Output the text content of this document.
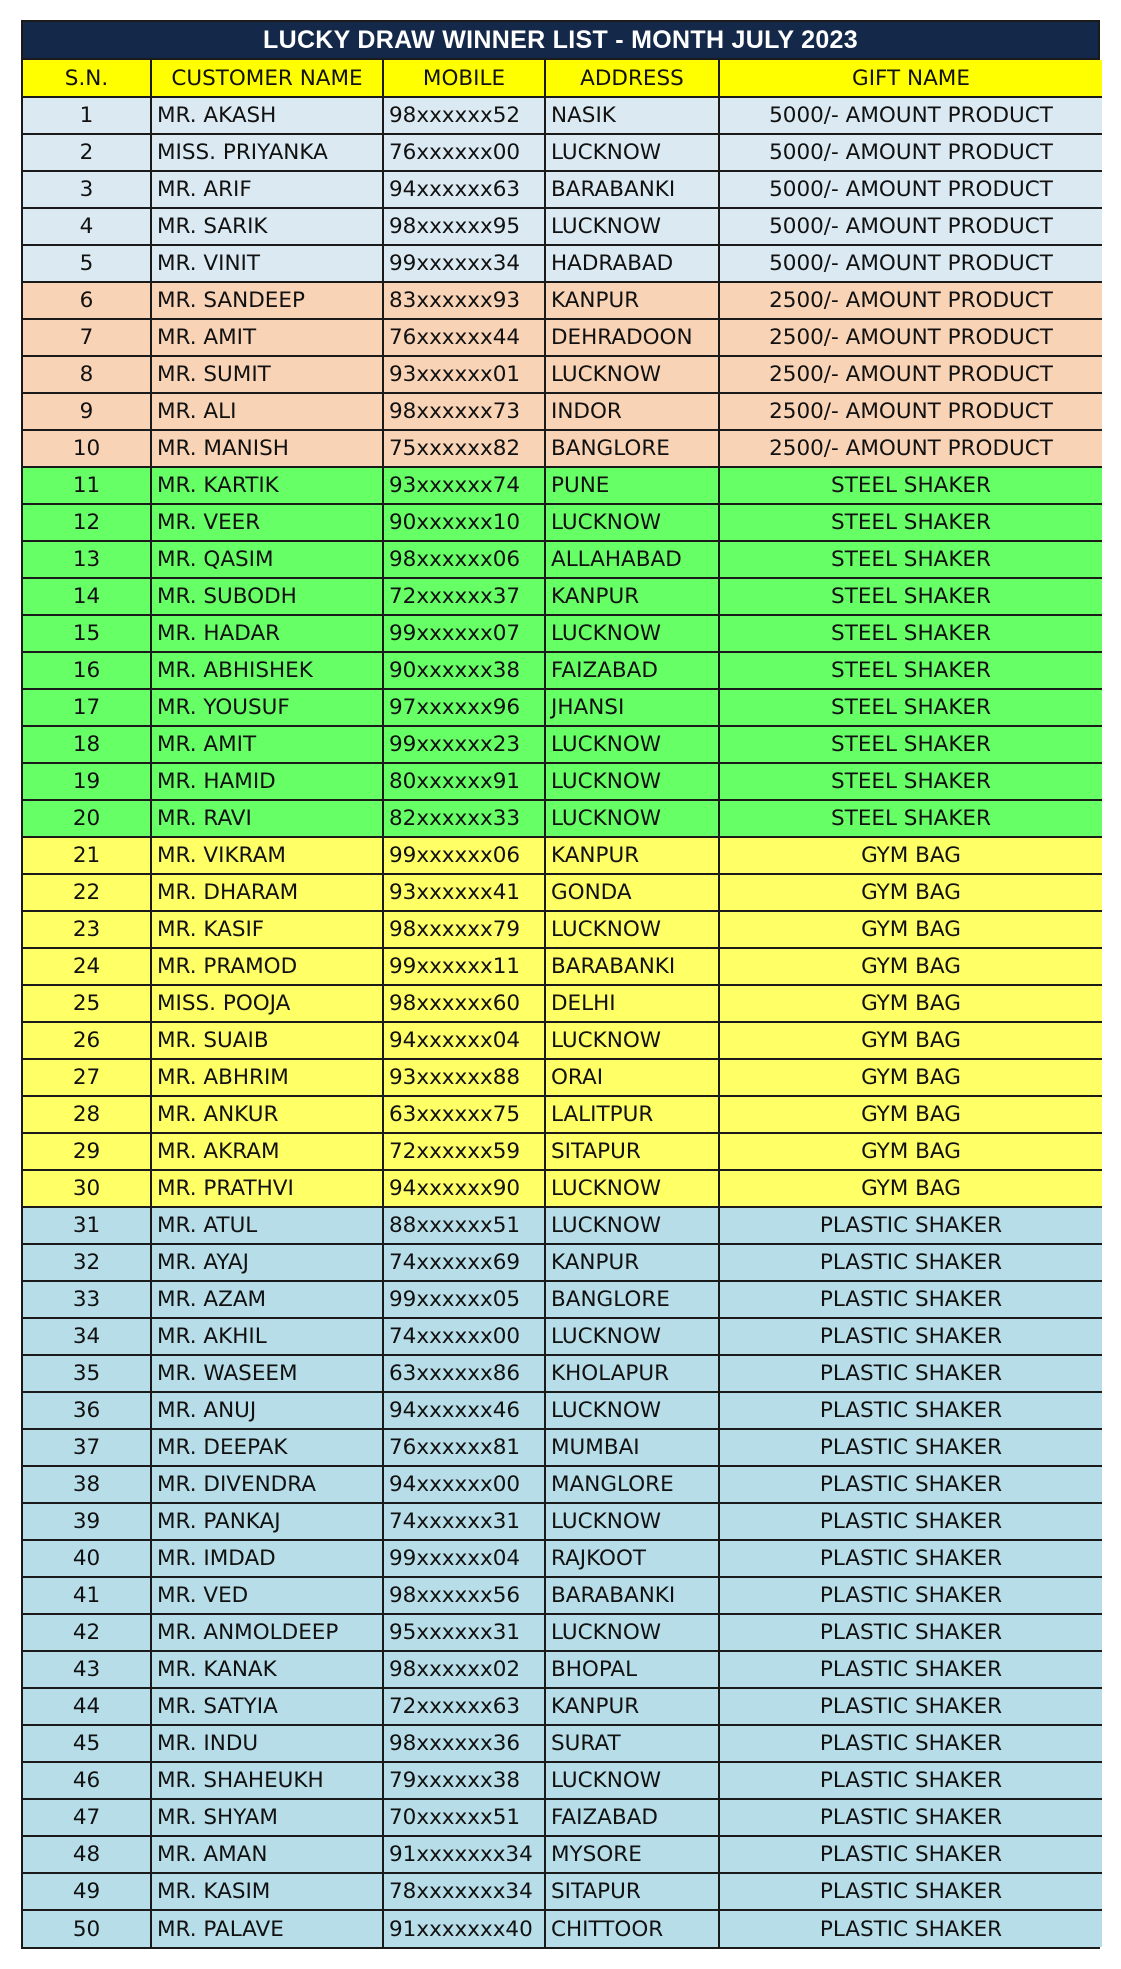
LUCKY DRAW WINNER LIST - MONTH JULY 2023
S.N.	CUSTOMER NAME	MOBILE	ADDRESS	GIFT NAME
1	MR. AKASH	98xxxxxx52	NASIK	5000/- AMOUNT PRODUCT
2	MISS. PRIYANKA	76xxxxxx00	LUCKNOW	5000/- AMOUNT PRODUCT
3	MR. ARIF	94xxxxxx63	BARABANKI	5000/- AMOUNT PRODUCT
4	MR. SARIK	98xxxxxx95	LUCKNOW	5000/- AMOUNT PRODUCT
5	MR. VINIT	99xxxxxx34	HADRABAD	5000/- AMOUNT PRODUCT
6	MR. SANDEEP	83xxxxxx93	KANPUR	2500/- AMOUNT PRODUCT
7	MR. AMIT	76xxxxxx44	DEHRADOON	2500/- AMOUNT PRODUCT
8	MR. SUMIT	93xxxxxx01	LUCKNOW	2500/- AMOUNT PRODUCT
9	MR. ALI	98xxxxxx73	INDOR	2500/- AMOUNT PRODUCT
10	MR. MANISH	75xxxxxx82	BANGLORE	2500/- AMOUNT PRODUCT
11	MR. KARTIK	93xxxxxx74	PUNE	STEEL SHAKER
12	MR. VEER	90xxxxxx10	LUCKNOW	STEEL SHAKER
13	MR. QASIM	98xxxxxx06	ALLAHABAD	STEEL SHAKER
14	MR. SUBODH	72xxxxxx37	KANPUR	STEEL SHAKER
15	MR. HADAR	99xxxxxx07	LUCKNOW	STEEL SHAKER
16	MR. ABHISHEK	90xxxxxx38	FAIZABAD	STEEL SHAKER
17	MR. YOUSUF	97xxxxxx96	JHANSI	STEEL SHAKER
18	MR. AMIT	99xxxxxx23	LUCKNOW	STEEL SHAKER
19	MR. HAMID	80xxxxxx91	LUCKNOW	STEEL SHAKER
20	MR. RAVI	82xxxxxx33	LUCKNOW	STEEL SHAKER
21	MR. VIKRAM	99xxxxxx06	KANPUR	GYM BAG
22	MR. DHARAM	93xxxxxx41	GONDA	GYM BAG
23	MR. KASIF	98xxxxxx79	LUCKNOW	GYM BAG
24	MR. PRAMOD	99xxxxxx11	BARABANKI	GYM BAG
25	MISS. POOJA	98xxxxxx60	DELHI	GYM BAG
26	MR. SUAIB	94xxxxxx04	LUCKNOW	GYM BAG
27	MR. ABHRIM	93xxxxxx88	ORAI	GYM BAG
28	MR. ANKUR	63xxxxxx75	LALITPUR	GYM BAG
29	MR. AKRAM	72xxxxxx59	SITAPUR	GYM BAG
30	MR. PRATHVI	94xxxxxx90	LUCKNOW	GYM BAG
31	MR. ATUL	88xxxxxx51	LUCKNOW	PLASTIC SHAKER
32	MR. AYAJ	74xxxxxx69	KANPUR	PLASTIC SHAKER
33	MR. AZAM	99xxxxxx05	BANGLORE	PLASTIC SHAKER
34	MR. AKHIL	74xxxxxx00	LUCKNOW	PLASTIC SHAKER
35	MR. WASEEM	63xxxxxx86	KHOLAPUR	PLASTIC SHAKER
36	MR. ANUJ	94xxxxxx46	LUCKNOW	PLASTIC SHAKER
37	MR. DEEPAK	76xxxxxx81	MUMBAI	PLASTIC SHAKER
38	MR. DIVENDRA	94xxxxxx00	MANGLORE	PLASTIC SHAKER
39	MR. PANKAJ	74xxxxxx31	LUCKNOW	PLASTIC SHAKER
40	MR. IMDAD	99xxxxxx04	RAJKOOT	PLASTIC SHAKER
41	MR. VED	98xxxxxx56	BARABANKI	PLASTIC SHAKER
42	MR. ANMOLDEEP	95xxxxxx31	LUCKNOW	PLASTIC SHAKER
43	MR. KANAK	98xxxxxx02	BHOPAL	PLASTIC SHAKER
44	MR. SATYIA	72xxxxxx63	KANPUR	PLASTIC SHAKER
45	MR. INDU	98xxxxxx36	SURAT	PLASTIC SHAKER
46	MR. SHAHEUKH	79xxxxxx38	LUCKNOW	PLASTIC SHAKER
47	MR. SHYAM	70xxxxxx51	FAIZABAD	PLASTIC SHAKER
48	MR. AMAN	91xxxxxxx34	MYSORE	PLASTIC SHAKER
49	MR. KASIM	78xxxxxxx34	SITAPUR	PLASTIC SHAKER
50	MR. PALAVE	91xxxxxxx40	CHITTOOR	PLASTIC SHAKER
